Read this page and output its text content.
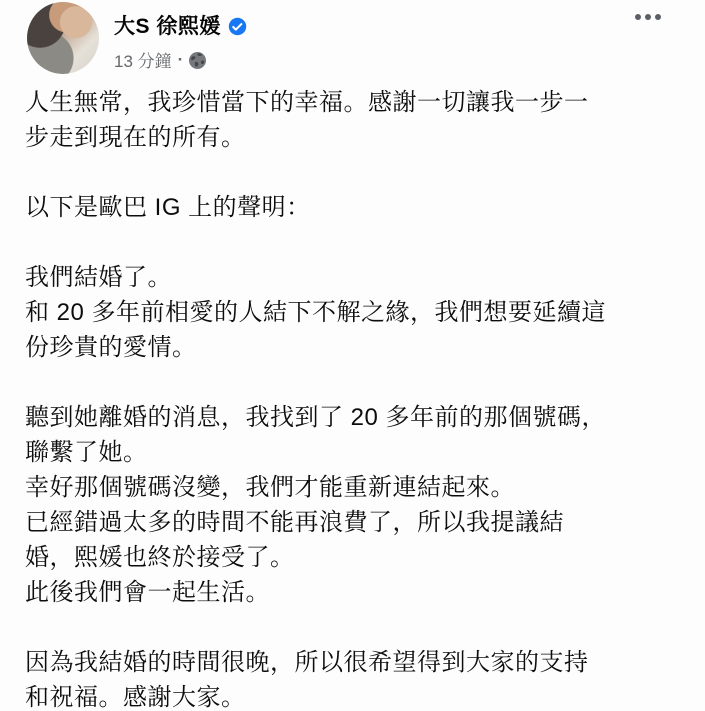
大S 徐熙媛
13 分鐘 ·
人生無常，我珍惜當下的幸福。感謝一切讓我一步一
步走到現在的所有。
以下是歐巴 IG 上的聲明：
我們結婚了。
和 20 多年前相愛的人結下不解之緣，我們想要延續這
份珍貴的愛情。
聽到她離婚的消息，我找到了 20 多年前的那個號碼，
聯繫了她。
幸好那個號碼沒變，我們才能重新連結起來。
已經錯過太多的時間不能再浪費了，所以我提議結
婚，熙媛也終於接受了。
此後我們會一起生活。
因為我結婚的時間很晚，所以很希望得到大家的支持
和祝福。感謝大家。
